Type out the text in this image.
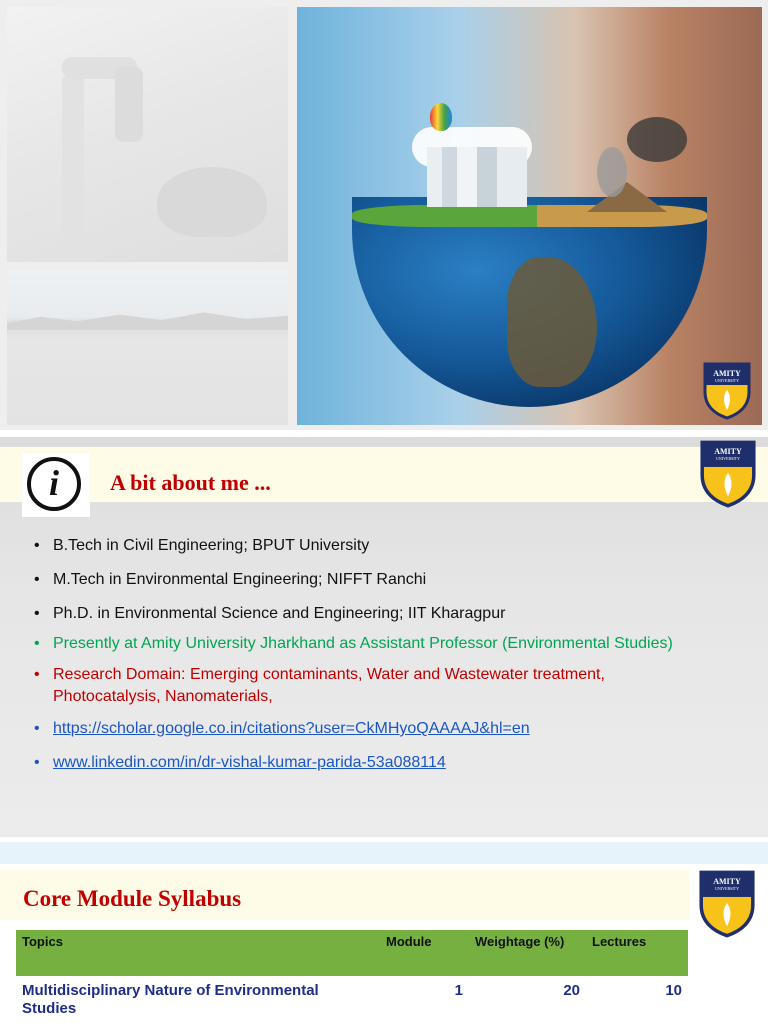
AMITY
UNIVERSITY
i	A bit about me ...
AMITY
UNIVERSITY
• B.Tech in Civil Engineering; BPUT University
• M.Tech in Environmental Engineering; NIFFT Ranchi
• Ph.D. in Environmental Science and Engineering; IIT Kharagpur
• Presently at Amity University Jharkhand as Assistant Professor (Environmental Studies)
• Research Domain: Emerging contaminants, Water and Wastewater treatment, Photocatalysis, Nanomaterials,
• https://scholar.google.co.in/citations?user=CkMHyoQAAAAJ&hl=en
• www.linkedin.com/in/dr-vishal-kumar-parida-53a088114
Core Module Syllabus
AMITY
UNIVERSITY
Topics	Module	Weightage (%)	Lectures
Multidisciplinary Nature of Environmental Studies	1	20	10
